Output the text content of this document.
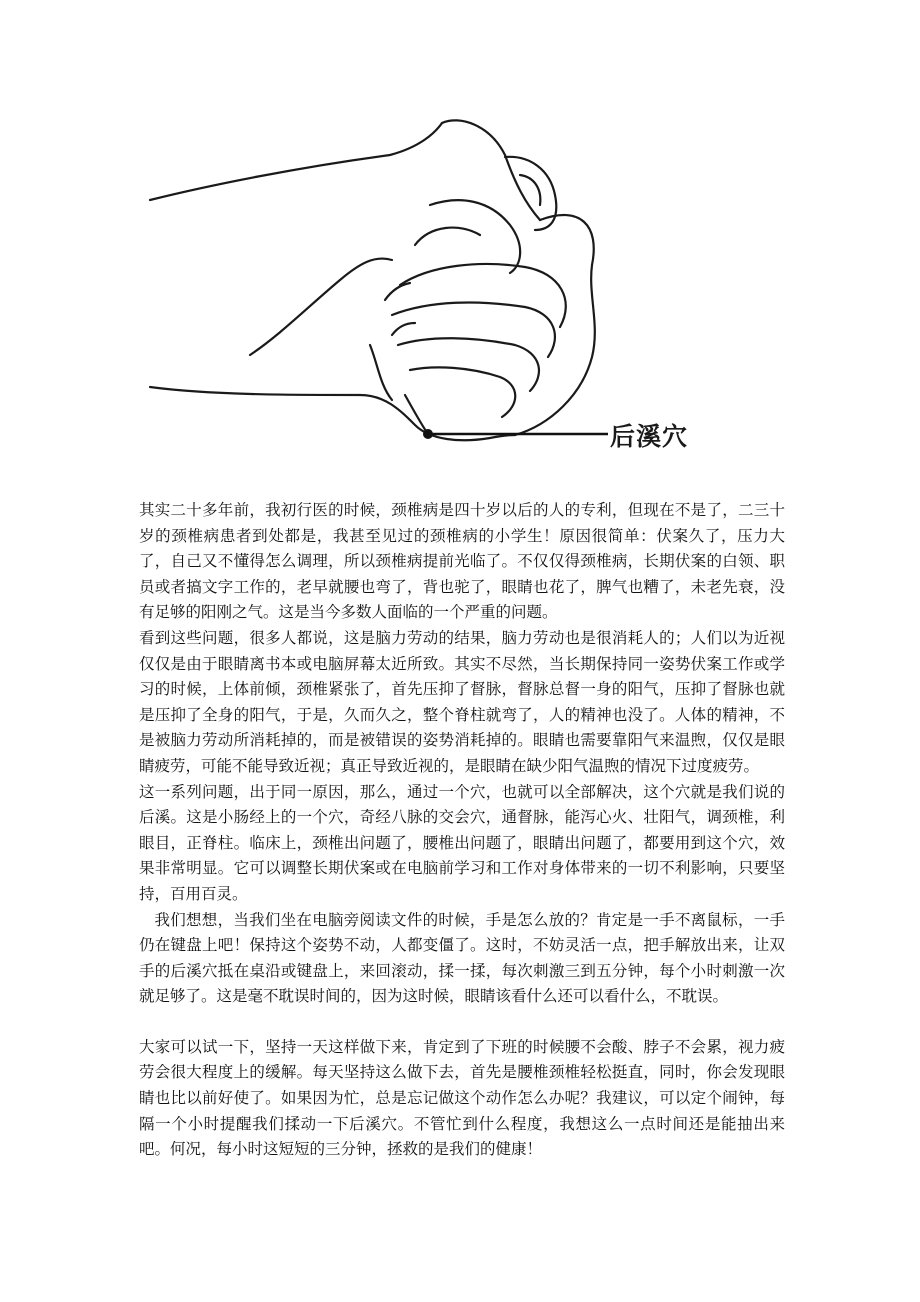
后溪穴

其实二十多年前，我初行医的时候，颈椎病是四十岁以后的人的专利，但现在不是了，二三十岁的颈椎病患者到处都是，我甚至见过的颈椎病的小学生！原因很简单：伏案久了，压力大了，自己又不懂得怎么调理，所以颈椎病提前光临了。不仅仅得颈椎病，长期伏案的白领、职员或者搞文字工作的，老早就腰也弯了，背也驼了，眼睛也花了，脾气也糟了，未老先衰，没有足够的阳刚之气。这是当今多数人面临的一个严重的问题。

看到这些问题，很多人都说，这是脑力劳动的结果，脑力劳动也是很消耗人的；人们以为近视仅仅是由于眼睛离书本或电脑屏幕太近所致。其实不尽然，当长期保持同一姿势伏案工作或学习的时候，上体前倾，颈椎紧张了，首先压抑了督脉，督脉总督一身的阳气，压抑了督脉也就是压抑了全身的阳气，于是，久而久之，整个脊柱就弯了，人的精神也没了。人体的精神，不是被脑力劳动所消耗掉的，而是被错误的姿势消耗掉的。眼睛也需要靠阳气来温煦，仅仅是眼睛疲劳，可能不能导致近视；真正导致近视的，是眼睛在缺少阳气温煦的情况下过度疲劳。

这一系列问题，出于同一原因，那么，通过一个穴，也就可以全部解决，这个穴就是我们说的后溪。这是小肠经上的一个穴，奇经八脉的交会穴，通督脉，能泻心火、壮阳气，调颈椎，利眼目，正脊柱。临床上，颈椎出问题了，腰椎出问题了，眼睛出问题了，都要用到这个穴，效果非常明显。它可以调整长期伏案或在电脑前学习和工作对身体带来的一切不利影响，只要坚持，百用百灵。

我们想想，当我们坐在电脑旁阅读文件的时候，手是怎么放的？肯定是一手不离鼠标，一手仍在键盘上吧！保持这个姿势不动，人都变僵了。这时，不妨灵活一点，把手解放出来，让双手的后溪穴抵在桌沿或键盘上，来回滚动，揉一揉，每次刺激三到五分钟，每个小时刺激一次就足够了。这是毫不耽误时间的，因为这时候，眼睛该看什么还可以看什么，不耽误。

大家可以试一下，坚持一天这样做下来，肯定到了下班的时候腰不会酸、脖子不会累，视力疲劳会很大程度上的缓解。每天坚持这么做下去，首先是腰椎颈椎轻松挺直，同时，你会发现眼睛也比以前好使了。如果因为忙，总是忘记做这个动作怎么办呢？我建议，可以定个闹钟，每隔一个小时提醒我们揉动一下后溪穴。不管忙到什么程度，我想这么一点时间还是能抽出来吧。何况，每小时这短短的三分钟，拯救的是我们的健康！
